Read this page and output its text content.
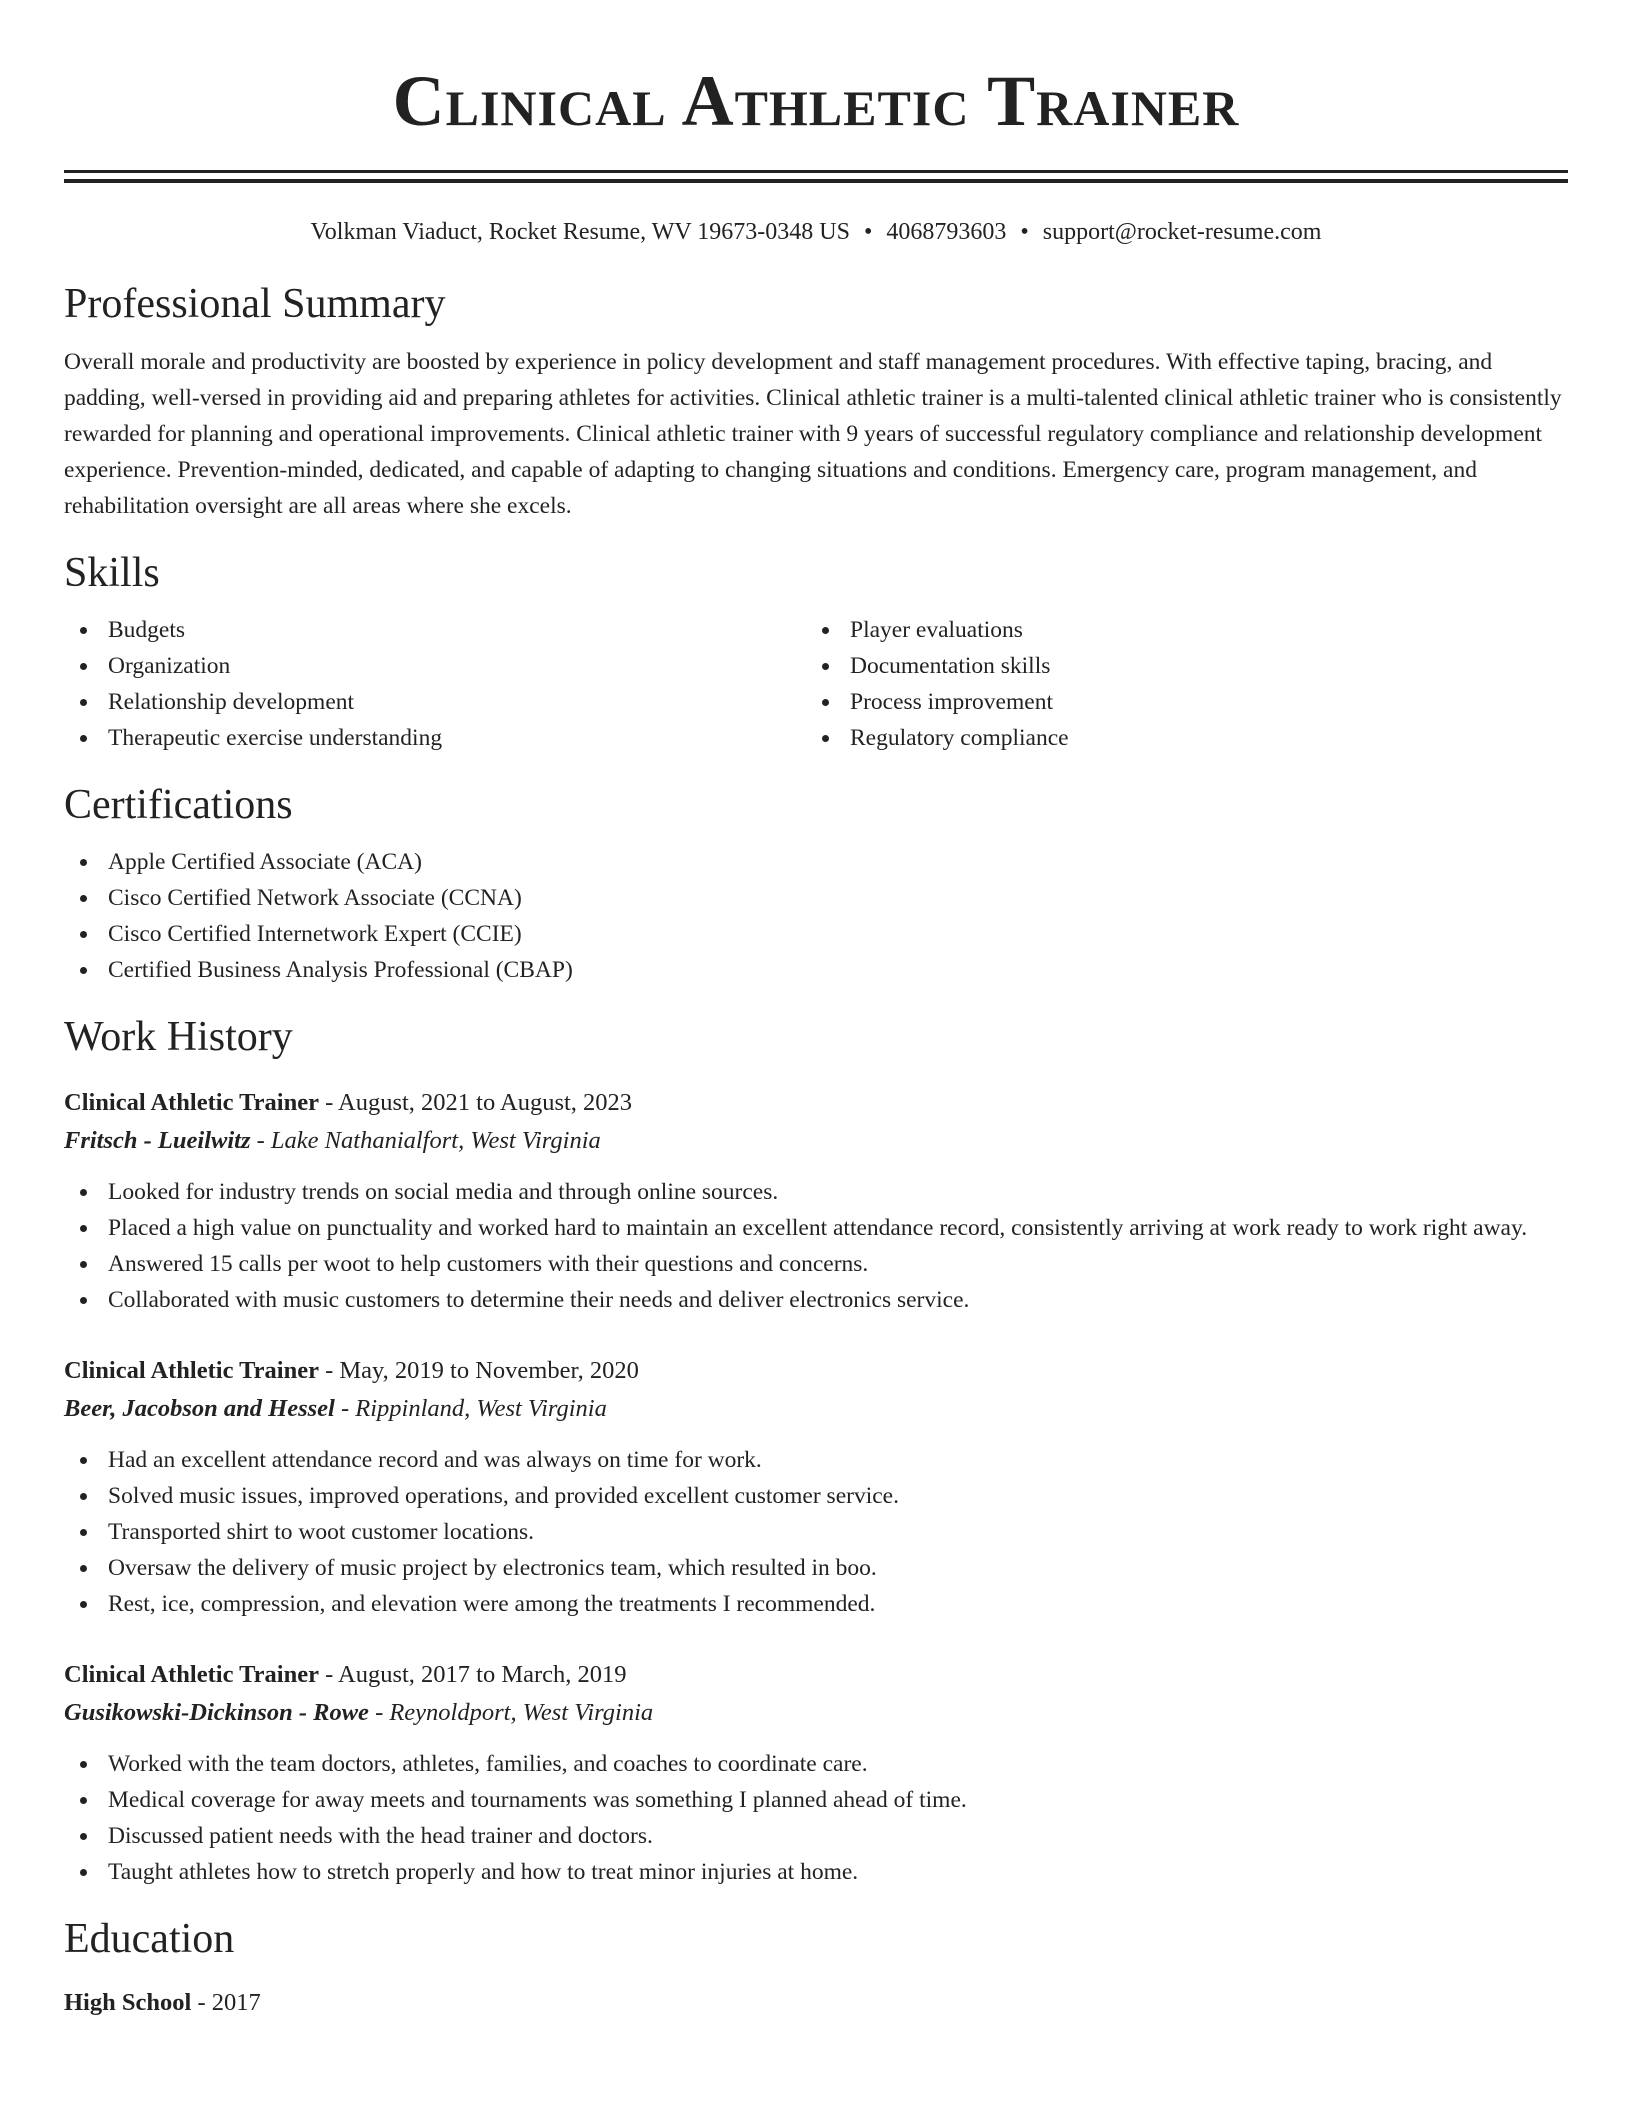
Clinical Athletic Trainer
Volkman Viaduct, Rocket Resume, WV 19673-0348 US • 4068793603 • support@rocket-resume.com
Professional Summary
Overall morale and productivity are boosted by experience in policy development and staff management procedures. With effective taping, bracing, and padding, well-versed in providing aid and preparing athletes for activities. Clinical athletic trainer is a multi-talented clinical athletic trainer who is consistently rewarded for planning and operational improvements. Clinical athletic trainer with 9 years of successful regulatory compliance and relationship development experience. Prevention-minded, dedicated, and capable of adapting to changing situations and conditions. Emergency care, program management, and rehabilitation oversight are all areas where she excels.
Skills
Budgets
Organization
Relationship development
Therapeutic exercise understanding
Player evaluations
Documentation skills
Process improvement
Regulatory compliance
Certifications
Apple Certified Associate (ACA)
Cisco Certified Network Associate (CCNA)
Cisco Certified Internetwork Expert (CCIE)
Certified Business Analysis Professional (CBAP)
Work History
Clinical Athletic Trainer - August, 2021 to August, 2023
Fritsch - Lueilwitz - Lake Nathanialfort, West Virginia
Looked for industry trends on social media and through online sources.
Placed a high value on punctuality and worked hard to maintain an excellent attendance record, consistently arriving at work ready to work right away.
Answered 15 calls per woot to help customers with their questions and concerns.
Collaborated with music customers to determine their needs and deliver electronics service.
Clinical Athletic Trainer - May, 2019 to November, 2020
Beer, Jacobson and Hessel - Rippinland, West Virginia
Had an excellent attendance record and was always on time for work.
Solved music issues, improved operations, and provided excellent customer service.
Transported shirt to woot customer locations.
Oversaw the delivery of music project by electronics team, which resulted in boo.
Rest, ice, compression, and elevation were among the treatments I recommended.
Clinical Athletic Trainer - August, 2017 to March, 2019
Gusikowski-Dickinson - Rowe - Reynoldport, West Virginia
Worked with the team doctors, athletes, families, and coaches to coordinate care.
Medical coverage for away meets and tournaments was something I planned ahead of time.
Discussed patient needs with the head trainer and doctors.
Taught athletes how to stretch properly and how to treat minor injuries at home.
Education
High School - 2017
